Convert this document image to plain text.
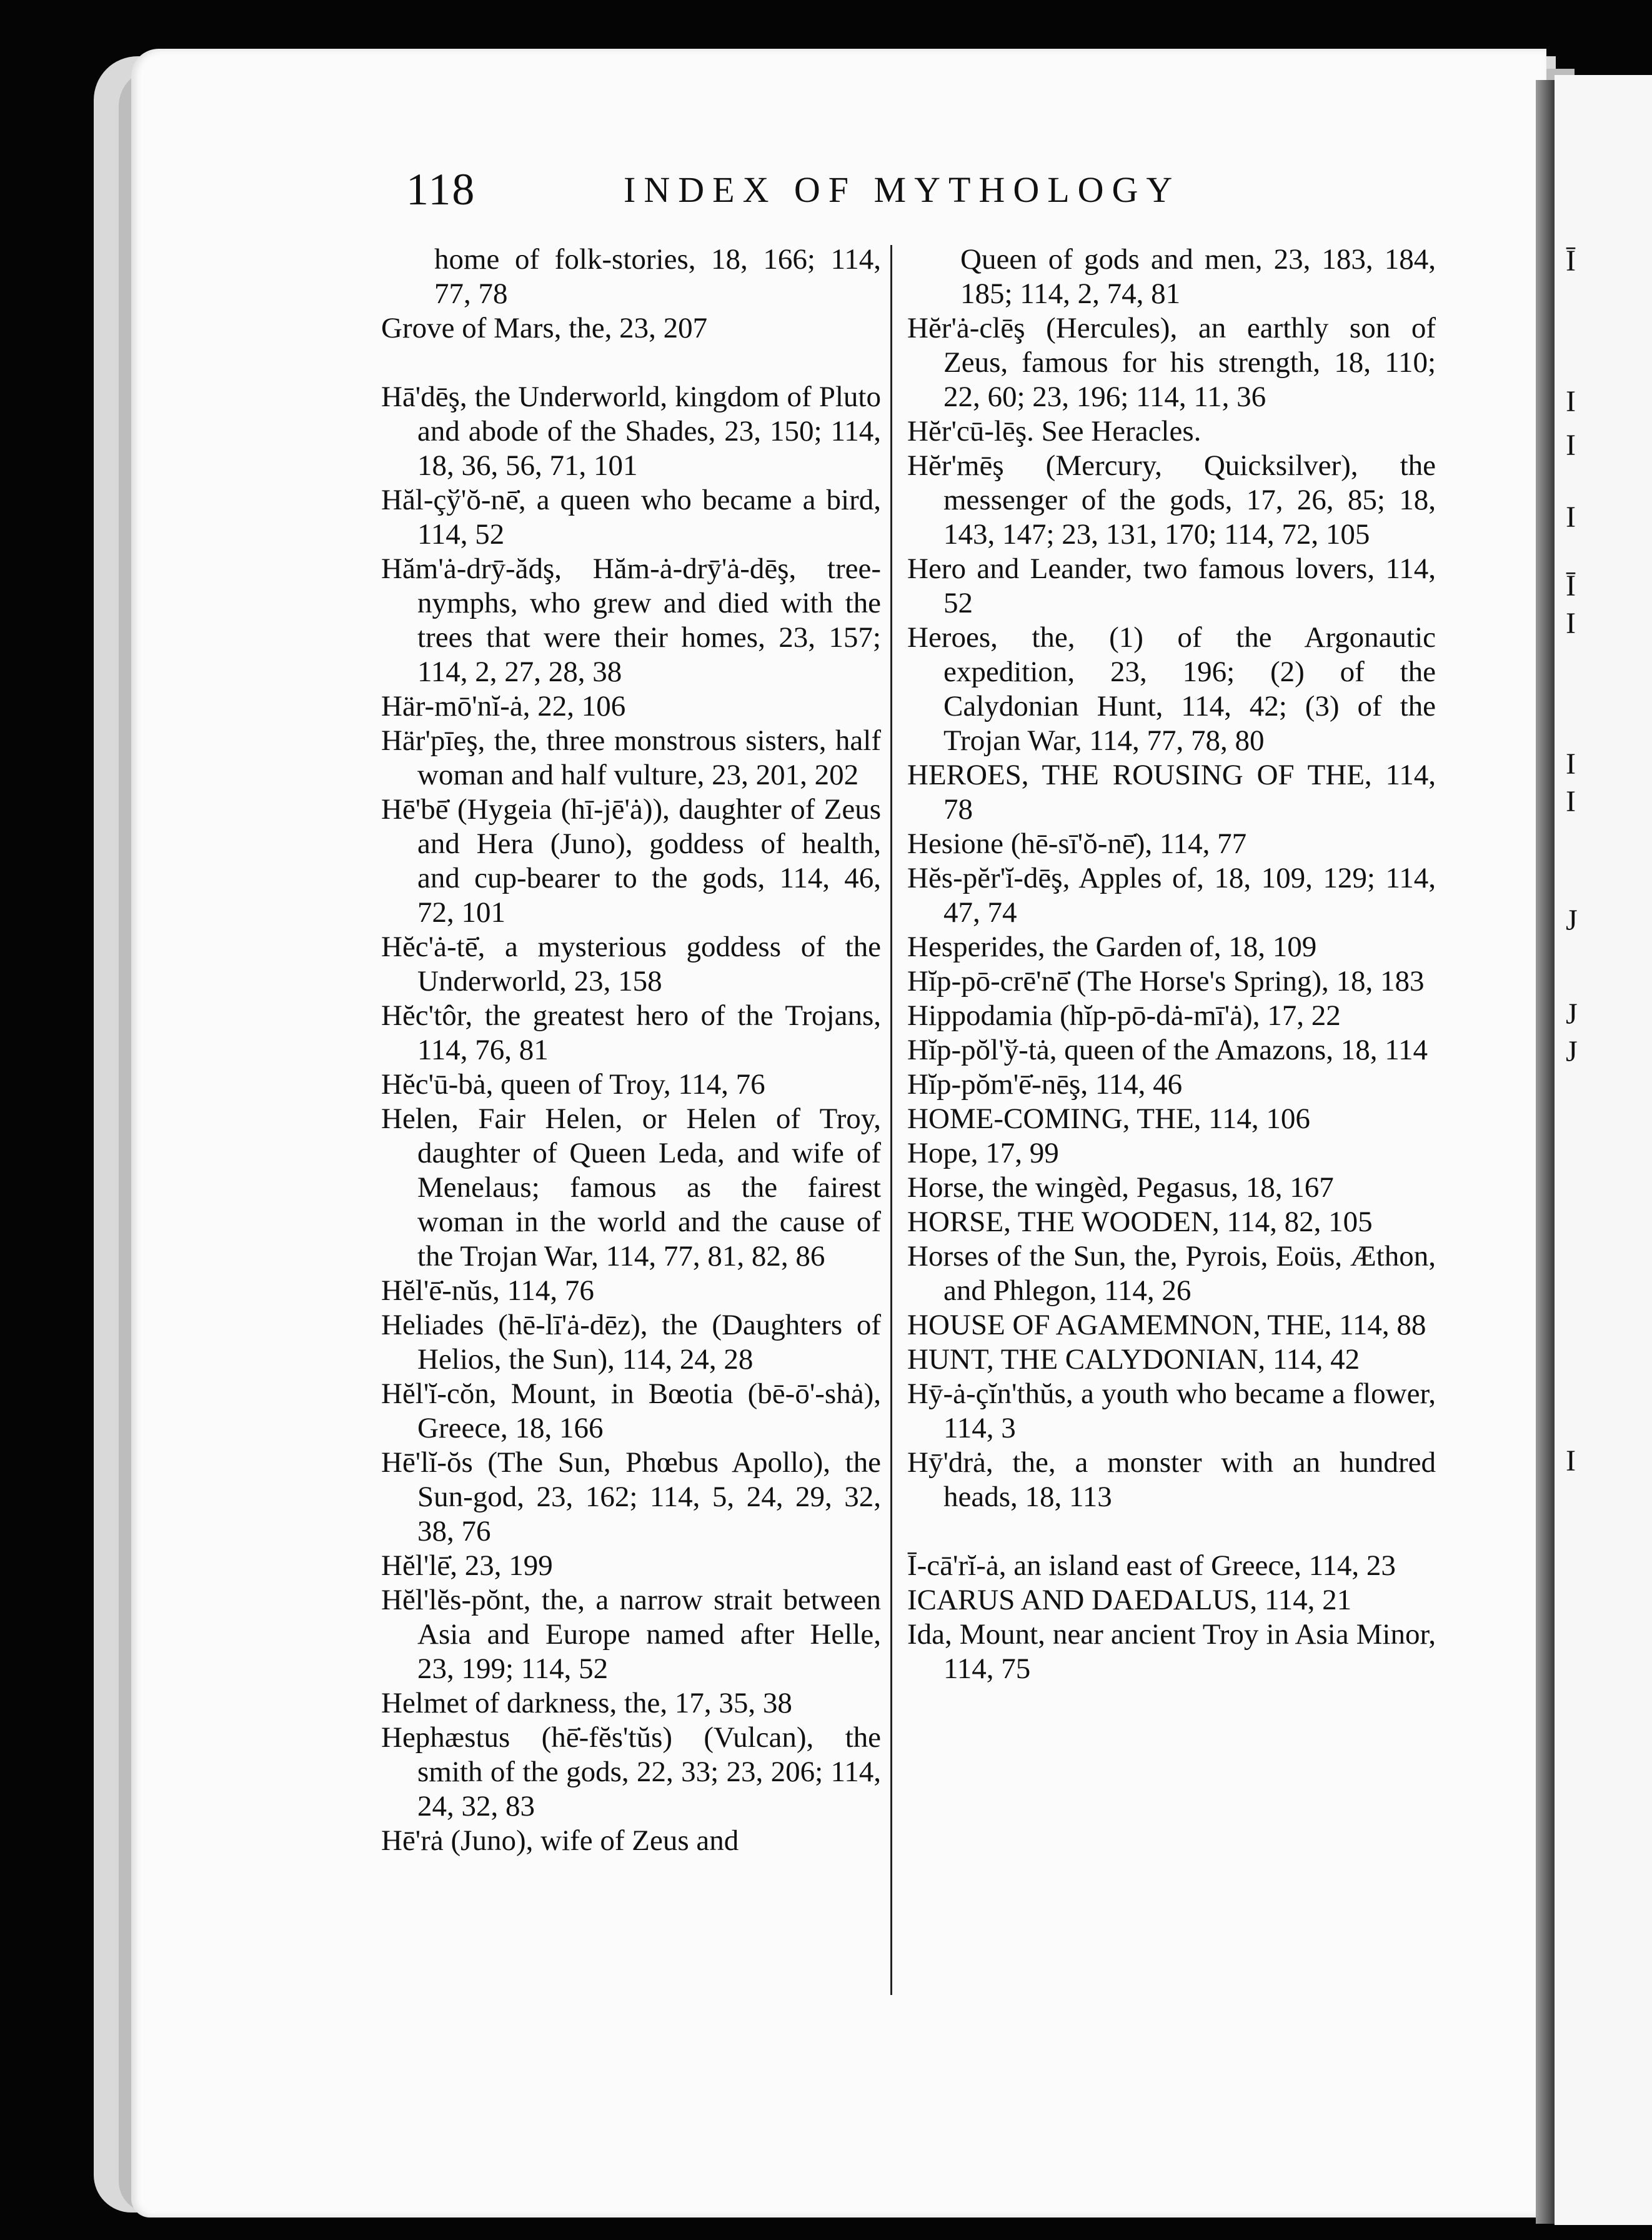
Ī
I
I
I
Ī
I
I
I
J
J
J
I
118	INDEX OF MYTHOLOGY

home of folk-stories, 18, 166; 114, 77, 78

Grove of Mars, the, 23, 207

Hā'dēş, the Underworld, kingdom of Pluto and abode of the Shades, 23, 150; 114, 18, 36, 56, 71, 101

Hăl-çў'ŏ-nē̇, a queen who became a bird, 114, 52

Hăm'ȧ-drȳ-ădş, Hăm-ȧ-drȳ'ȧ-dēş, tree-nymphs, who grew and died with the trees that were their homes, 23, 157; 114, 2, 27, 28, 38

Här-mō'nĭ-ȧ, 22, 106

Här'pīeş, the, three monstrous sisters, half woman and half vulture, 23, 201, 202

Hē'bē̇ (Hygeia (hī-jē'ȧ)), daughter of Zeus and Hera (Juno), goddess of health, and cup-bearer to the gods, 114, 46, 72, 101

Hĕc'ȧ-tē̇, a mysterious goddess of the Underworld, 23, 158

Hĕc'tôr, the greatest hero of the Trojans, 114, 76, 81

Hĕc'ū-bȧ, queen of Troy, 114, 76

Helen, Fair Helen, or Helen of Troy, daughter of Queen Leda, and wife of Menelaus; famous as the fairest woman in the world and the cause of the Trojan War, 114, 77, 81, 82, 86

Hĕl'ē̇-nŭs, 114, 76

Heliades (hē-lī'ȧ-dēz), the (Daughters of Helios, the Sun), 114, 24, 28

Hĕl'ĭ-cŏn, Mount, in Bœotia (bē-ō'-shȧ), Greece, 18, 166

Hē'lĭ-ŏs (The Sun, Phœbus Apollo), the Sun-god, 23, 162; 114, 5, 24, 29, 32, 38, 76

Hĕl'lē̇, 23, 199

Hĕl'lĕs-pŏnt, the, a narrow strait between Asia and Europe named after Helle, 23, 199; 114, 52

Helmet of darkness, the, 17, 35, 38

Hephæstus (hē̇-fĕs'tŭs) (Vulcan), the smith of the gods, 22, 33; 23, 206; 114, 24, 32, 83

Hē'rȧ (Juno), wife of Zeus and

Queen of gods and men, 23, 183, 184, 185; 114, 2, 74, 81

Hĕr'ȧ-clēş (Hercules), an earthly son of Zeus, famous for his strength, 18, 110; 22, 60; 23, 196; 114, 11, 36

Hĕr'cū-lēş. See Heracles.

Hĕr'mēş (Mercury, Quicksilver), the messenger of the gods, 17, 26, 85; 18, 143, 147; 23, 131, 170; 114, 72, 105

Hero and Leander, two famous lovers, 114, 52

Heroes, the, (1) of the Argonautic expedition, 23, 196; (2) of the Calydonian Hunt, 114, 42; (3) of the Trojan War, 114, 77, 78, 80

HEROES, THE ROUSING OF THE, 114, 78

Hesione (hē-sī'ŏ-nē̇), 114, 77

Hĕs-pĕr'ĭ-dēş, Apples of, 18, 109, 129; 114, 47, 74

Hesperides, the Garden of, 18, 109

Hĭp-pō-crē'nē̇ (The Horse's Spring), 18, 183

Hippodamia (hĭp-pō-dȧ-mī'ȧ), 17, 22

Hĭp-pŏl'ў-tȧ, queen of the Amazons, 18, 114

Hĭp-pŏm'ē̇-nēş, 114, 46

HOME-COMING, THE, 114, 106

Hope, 17, 99

Horse, the wingèd, Pegasus, 18, 167

HORSE, THE WOODEN, 114, 82, 105

Horses of the Sun, the, Pyrois, Eoüs, Æthon, and Phlegon, 114, 26

HOUSE OF AGAMEMNON, THE, 114, 88

HUNT, THE CALYDONIAN, 114, 42

Hȳ-ȧ-çĭn'thŭs, a youth who became a flower, 114, 3

Hȳ'drȧ, the, a monster with an hundred heads, 18, 113

Ī-cā'rĭ-ȧ, an island east of Greece, 114, 23

ICARUS AND DAEDALUS, 114, 21

Ida, Mount, near ancient Troy in Asia Minor, 114, 75
